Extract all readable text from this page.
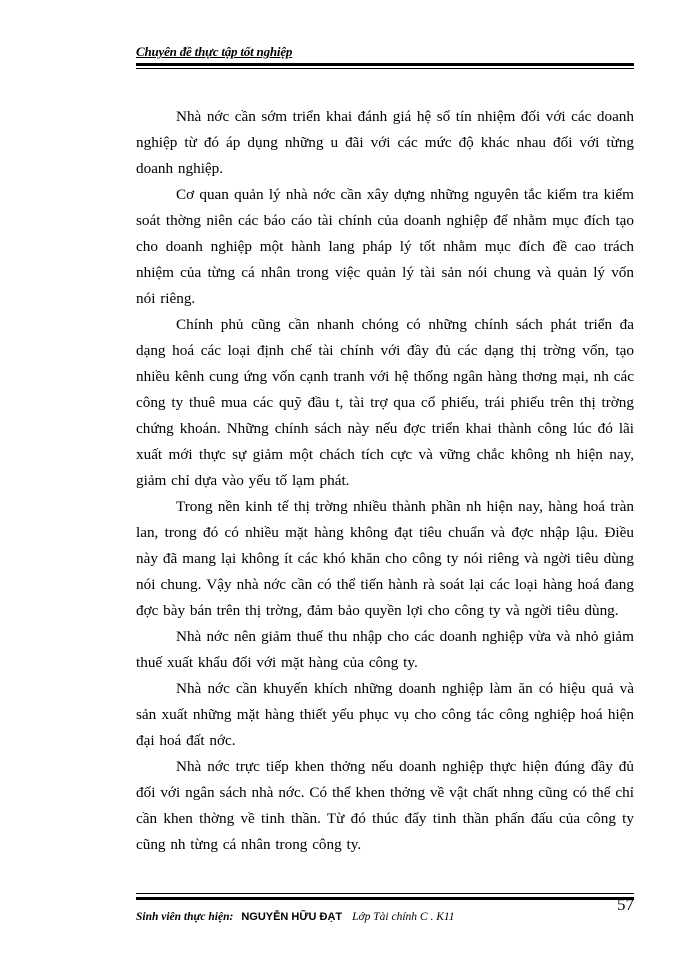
Chuyên đề thực tập tốt nghiệp

Nhà nớc cần sớm triển khai đánh giá hệ số tín nhiệm đối với các doanh nghiệp từ đó áp dụng những u đãi với các mức độ khác nhau đối với từng doanh nghiệp.

Cơ quan quản lý nhà nớc cần xây dựng những nguyên tắc kiểm tra kiểm soát thờng niên các báo cáo tài chính của doanh nghiệp để nhằm mục đích tạo cho doanh nghiệp một hành lang pháp lý tốt nhằm mục đích đề cao trách nhiệm của từng cá nhân trong việc quản lý tài sản nói chung và quản lý vốn nói riêng.

Chính phủ cũng cần nhanh chóng có những chính sách phát triển đa dạng hoá các loại định chế tài chính với đầy đủ các dạng thị trờng vốn, tạo nhiều kênh cung ứng vốn cạnh tranh với hệ thống ngân hàng thơng mại, nh các công ty thuê mua các quỹ đầu t, tài trợ qua cổ phiếu, trái phiếu trên thị trờng chứng khoán. Những chính sách này nếu đợc triển khai thành công lúc đó lãi xuất mới thực sự giảm một chách tích cực và vững chắc không nh hiện nay, giảm chỉ dựa vào yếu tố lạm phát.

Trong nền kinh tế thị trờng nhiều thành phần nh hiện nay, hàng hoá tràn lan, trong đó có nhiều mặt hàng không đạt tiêu chuẩn và đợc nhập lậu. Điều này đã mang lại không ít các khó khăn cho công ty nói riêng và ngời tiêu dùng nói chung. Vậy nhà nớc cần có thể tiến hành rà soát lại các loại hàng hoá đang đợc bày bán trên thị trờng, đảm bảo quyền lợi cho công ty và ngời tiêu dùng.

Nhà nớc nên giảm thuế thu nhập cho các doanh nghiệp vừa và nhỏ giảm thuế xuất khẩu đối với mặt hàng của công ty.

Nhà nớc cần khuyến khích những doanh nghiệp làm ăn có hiệu quả và sản xuất những mặt hàng thiết yếu phục vụ cho công tác công nghiệp hoá hiện đại hoá đất nớc.

Nhà nớc trực tiếp khen thởng nếu doanh nghiệp thực hiện đúng đầy đủ đối với ngân sách nhà nớc. Có thể khen thởng về vật chất nhng cũng có thể chỉ cần khen thờng về tinh thần. Từ đó thúc đẩy tinh thần phấn đấu của công ty cũng nh từng cá nhân trong công ty.

Sinh viên thực hiện: NGUYỄN HỮU ĐẠT Lớp Tài chính C . K11
57
